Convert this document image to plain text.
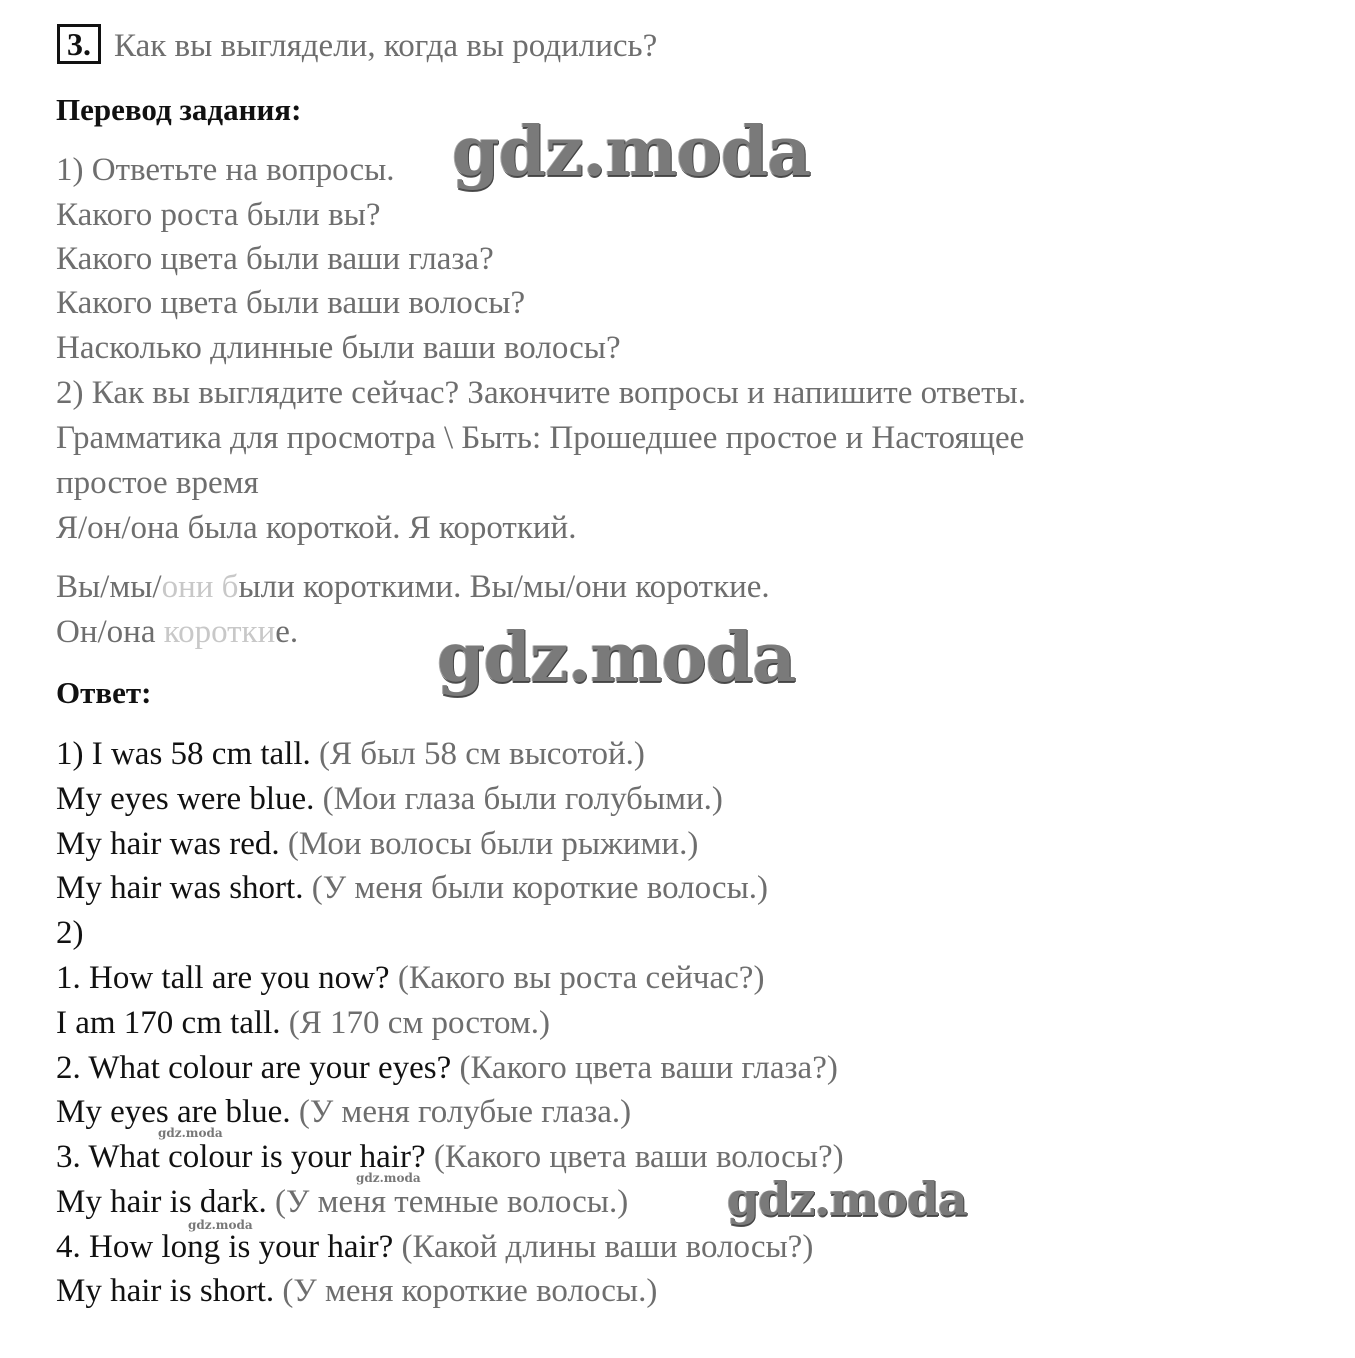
3. Как вы выглядели, когда вы родились?
Перевод задания:
1) Ответьте на вопросы.
Какого роста были вы?
Какого цвета были ваши глаза?
Какого цвета были ваши волосы?
Насколько длинные были ваши волосы?
2) Как вы выглядите сейчас? Закончите вопросы и напишите ответы.
Грамматика для просмотра \ Быть: Прошедшее простое и Настоящее
простое время
Я/он/она была короткой. Я короткий.
Вы/мы/они были короткими. Вы/мы/они короткие.
Он/она короткие.
Ответ:
1) I was 58 cm tall. (Я был 58 см высотой.)
My eyes were blue. (Мои глаза были голубыми.)
My hair was red. (Мои волосы были рыжими.)
My hair was short. (У меня были короткие волосы.)
2)
1. How tall are you now? (Какого вы роста сейчас?)
I am 170 cm tall. (Я 170 см ростом.)
2. What colour are your eyes? (Какого цвета ваши глаза?)
My eyes are blue. (У меня голубые глаза.)
3. What colour is your hair? (Какого цвета ваши волосы?)
My hair is dark. (У меня темные волосы.)
4. How long is your hair? (Какой длины ваши волосы?)
My hair is short. (У меня короткие волосы.)
gdz.moda
gdz.moda
gdz.moda
gdz.moda
gdz.moda
gdz.moda
